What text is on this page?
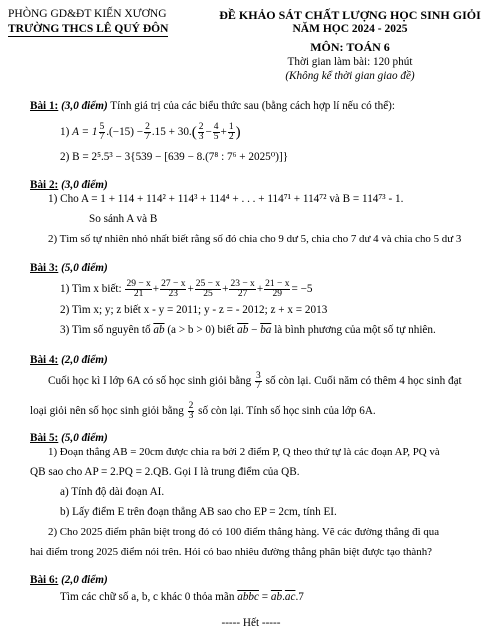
PHÒNG GD&ĐT KIẾN XƯƠNG
TRƯỜNG THCS LÊ QUÝ ĐÔN
ĐỀ KHẢO SÁT CHẤT LƯỢNG HỌC SINH GIỎI
NĂM HỌC 2024 - 2025
MÔN: TOÁN 6
Thời gian làm bài: 120 phút
(Không kể thời gian giao đề)
Bài 1: (3,0 điểm) Tính giá trị của các biểu thức sau (bằng cách hợp lí nếu có thể):
1) $A = 1 \frac{5}{7} .(-15) - \frac{2}{7} .15 + 30.( \frac{2}{3} - \frac{4}{5} + \frac{1}{2}$ )
2) B = 2⁵.5³ − 3{539 − [639 − 8.(7⁸ : 7⁶ + 2025⁰)]}
Bài 2: (3,0 điểm)
1) Cho A = 1 + 114 + 114² + 114³ + 114⁴ + . . . + 114⁷¹ + 114⁷² và B = 114⁷³ - 1.
So sánh A và B
2) Tìm số tự nhiên nhỏ nhất biết rằng số đó chia cho 9 dư 5, chia cho 7 dư 4 và chia cho 5 dư 3
Bài 3: (5,0 điểm)
1) Tìm x biết: $\frac{29 - x}{21} + \frac{27 - x}{23} + \frac{25 - x}{25} + \frac{23 - x}{27} + \frac{21 - x}{29} = -5$
2) Tìm x; y; z biết x - y = 2011; y - z = - 2012; z + x = 2013
3) Tìm số nguyên tố $\overline{ab}$ (a > b > 0) biết $\overline{ab} - \overline{ba}$ là bình phương của một số tự nhiên.
Bài 4: (2,0 điểm)
Cuối học kì I lớp 6A có số học sinh giỏi bằng $\frac{3}{7}$ số còn lại. Cuối năm có thêm 4 học sinh đạt
loại giỏi nên số học sinh giỏi bằng $\frac{2}{3}$ số còn lại. Tính số học sinh của lớp 6A.
Bài 5: (5,0 điểm)
1) Đoạn thẳng AB = 20cm được chia ra bởi 2 điểm P, Q theo thứ tự là các đoạn AP, PQ và
QB sao cho AP = 2.PQ = 2.QB. Gọi I là trung điểm của QB.
a) Tính độ dài đoạn AI.
b) Lấy điểm E trên đoạn thẳng AB sao cho EP = 2cm, tính EI.
2) Cho 2025 điểm phân biệt trong đó có 100 điểm thẳng hàng. Vẽ các đường thẳng đi qua
hai điểm trong 2025 điểm nói trên. Hỏi có bao nhiêu đường thẳng phân biệt được tạo thành?
Bài 6: (2,0 điểm)
Tìm các chữ số a, b, c khác 0 thỏa mãn abbc = $\overline{ab}.\overline{ac}.7$
----- Hết -----
